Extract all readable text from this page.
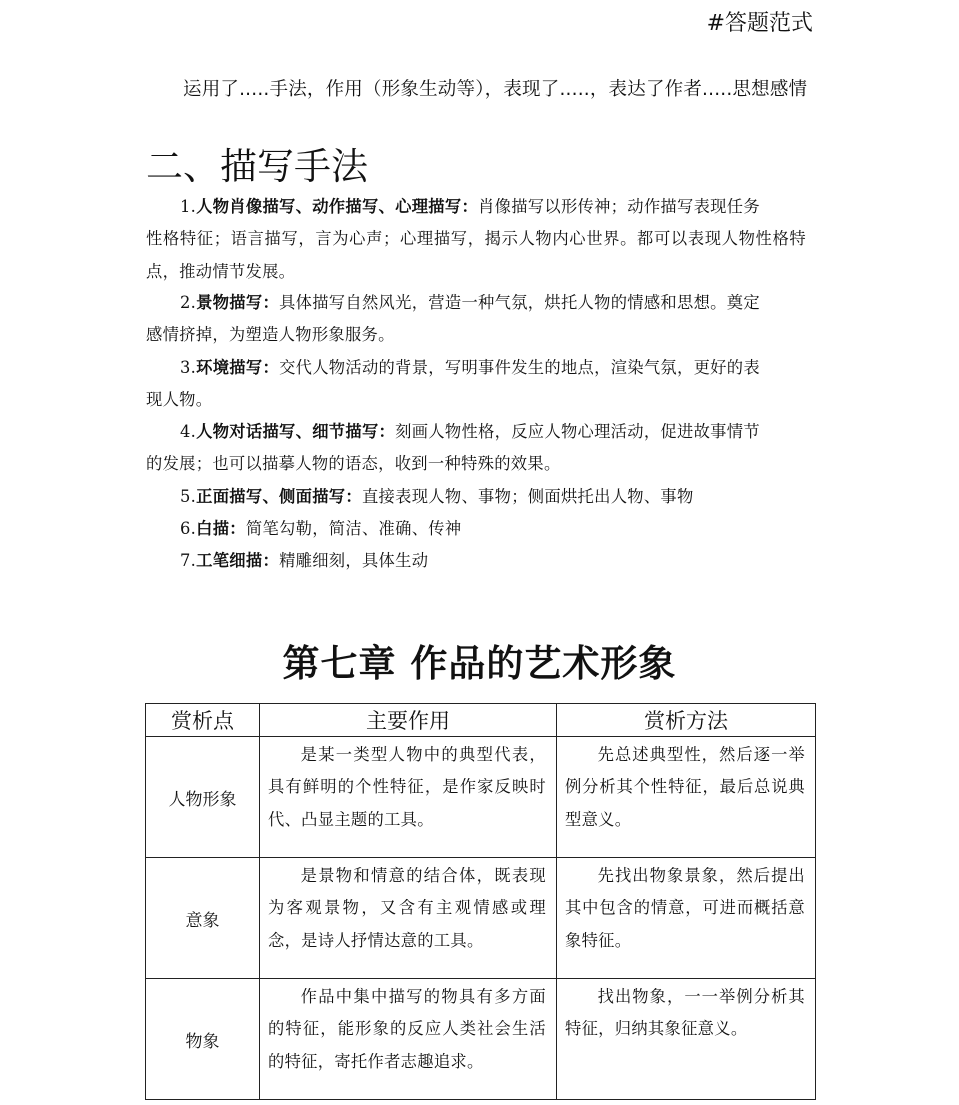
#答题范式
运用了.....手法，作用（形象生动等），表现了.....，表达了作者.....思想感情
二、描写手法
1.人物肖像描写、动作描写、心理描写：肖像描写以形传神；动作描写表现任务
性格特征；语言描写，言为心声；心理描写，揭示人物内心世界。都可以表现人物性格特点，推动情节发展。
2.景物描写：具体描写自然风光，营造一种气氛，烘托人物的情感和思想。奠定
感情挤掉，为塑造人物形象服务。
3.环境描写：交代人物活动的背景，写明事件发生的地点，渲染气氛，更好的表
现人物。
4.人物对话描写、细节描写：刻画人物性格，反应人物心理活动，促进故事情节
的发展；也可以描摹人物的语态，收到一种特殊的效果。
5.正面描写、侧面描写：直接表现人物、事物；侧面烘托出人物、事物
6.白描：简笔勾勒，简洁、准确、传神
7.工笔细描：精雕细刻，具体生动
第七章 作品的艺术形象
赏析点	主要作用	赏析方法
人物形象	是某一类型人物中的典型代表，具有鲜明的个性特征，是作家反映时代、凸显主题的工具。	先总述典型性，然后逐一举例分析其个性特征，最后总说典型意义。

意象	是景物和情意的结合体，既表现为客观景物，又含有主观情感或理念，是诗人抒情达意的工具。	先找出物象景象，然后提出其中包含的情意，可进而概括意象特征。

物象	作品中集中描写的物具有多方面的特征，能形象的反应人类社会生活的特征，寄托作者志趣追求。	找出物象，一一举例分析其特征，归纳其象征意义。
